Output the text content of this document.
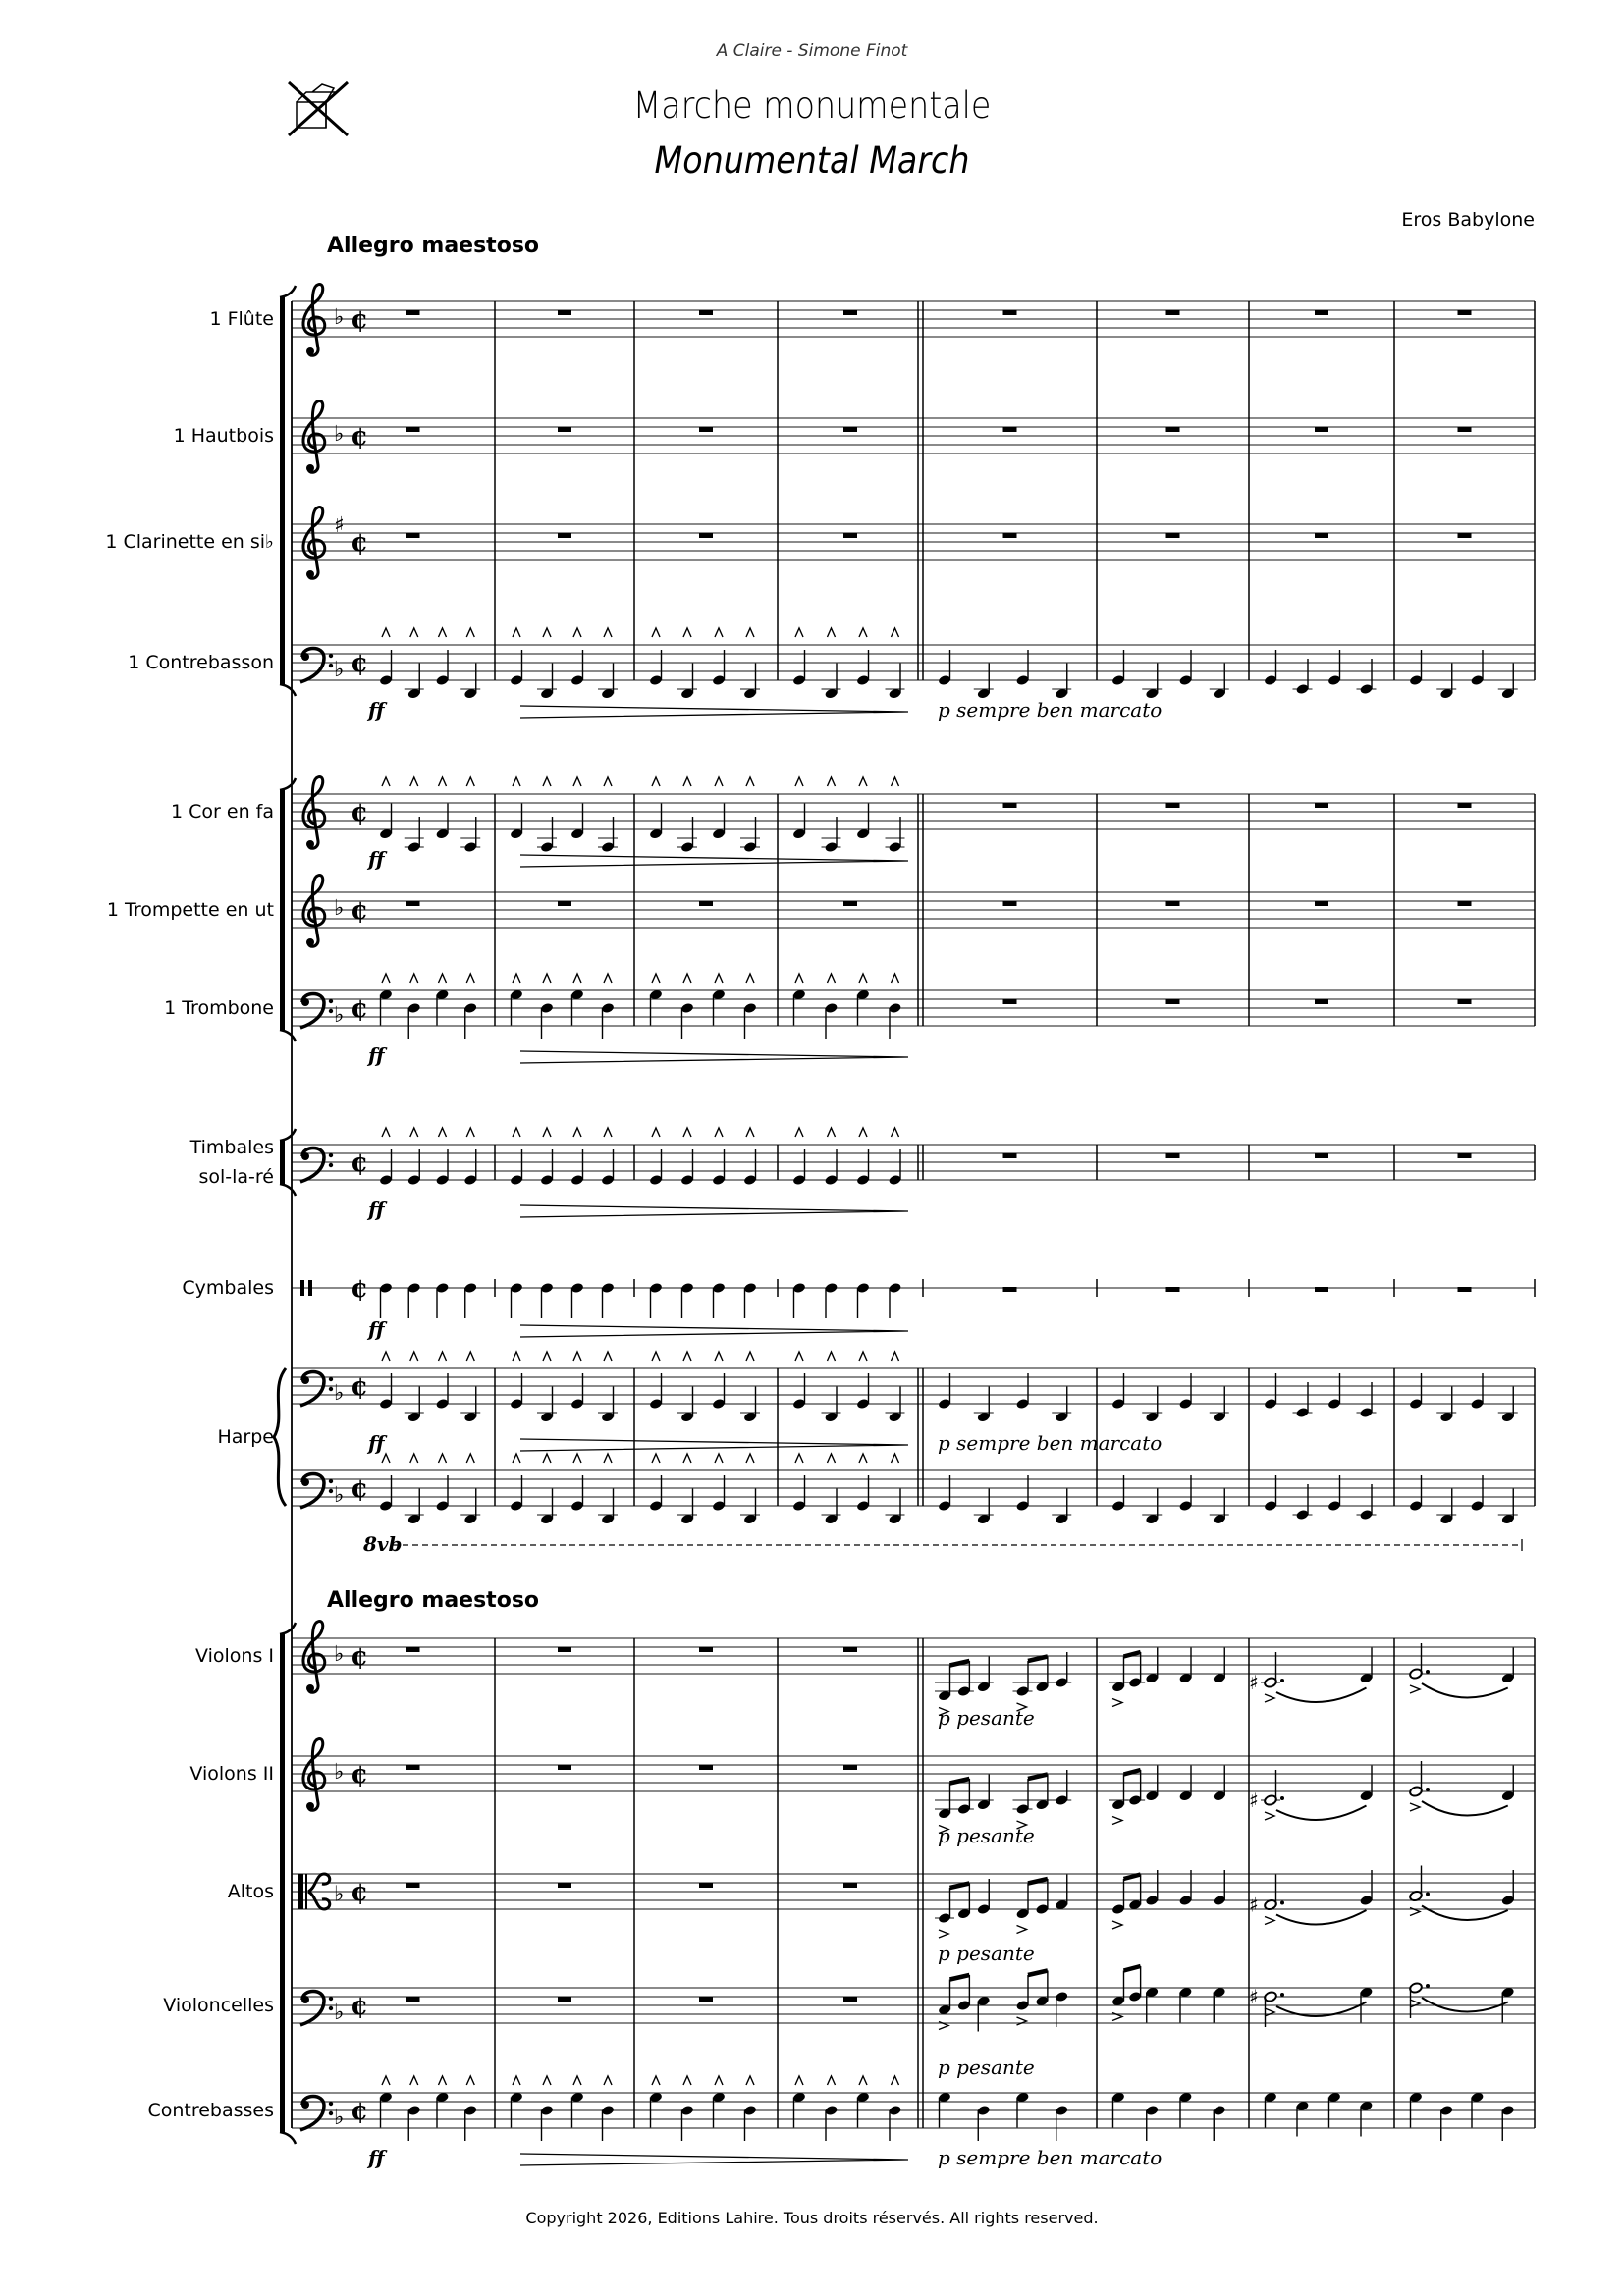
A Claire - Simone Finot
Marche monumentale
Monumental March
Eros Babylone
Allegro maestoso
Allegro maestoso
1 Flûte
1 Hautbois
1 Clarinette en si♭
1 Contrebasson
1 Cor en fa
1 Trompette en ut
1 Trombone
Timbales
sol-la-ré
Cymbales
Harpe
Violons I
Violons II
Altos
Violoncelles
Contrebasses
♭ ¢
♭ ¢
♯
¢
♭ ¢
ff	p sempre ben marcato
¢
ff
♭ ¢
♭ ¢
ff
¢
ff
¢
ff
♭ ¢
ff	p sempre ben marcato
♭ ¢
8vb
♭ ¢
♯
p pesante
♭ ¢
♯
p pesante
♭ ¢	♯
p pesante
♭ ¢	♯
p pesante
♭ ¢
ff	p sempre ben marcato
Copyright 2026, Editions Lahire. Tous droits réservés. All rights reserved.
